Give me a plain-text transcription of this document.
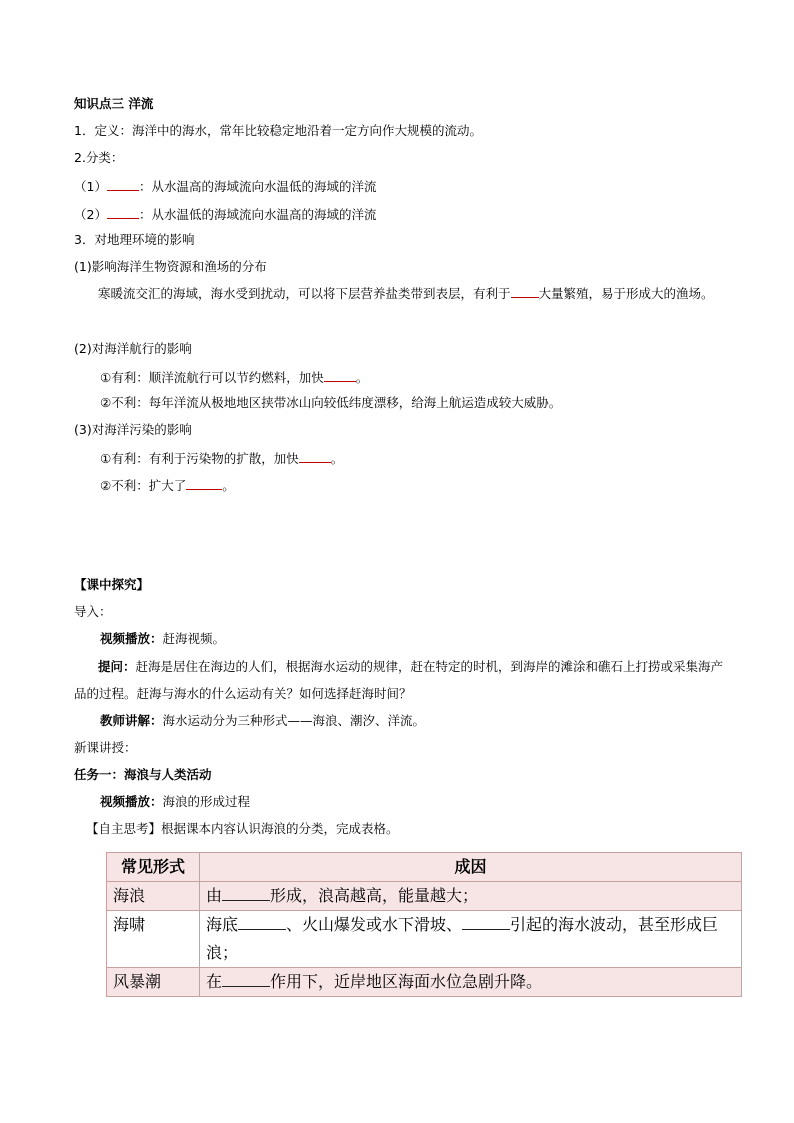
知识点三 洋流
1．定义：海洋中的海水，常年比较稳定地沿着一定方向作大规模的流动。
2.分类：
（1）	：从水温高的海域流向水温低的海域的洋流
（2）	：从水温低的海域流向水温高的海域的洋流
3．对地理环境的影响
(1)影响海洋生物资源和渔场的分布
寒暖流交汇的海域，海水受到扰动，可以将下层营养盐类带到表层，有利于 大量繁殖，易于形成大的渔场。
(2)对海洋航行的影响
①有利：顺洋流航行可以节约燃料，加快	。
②不利：每年洋流从极地地区挟带冰山向较低纬度漂移，给海上航运造成较大威胁。
(3)对海洋污染的影响
①有利：有利于污染物的扩散，加快	。
②不利：扩大了	。
【课中探究】
导入：
视频播放：赶海视频。
提问：赶海是居住在海边的人们，根据海水运动的规律，赶在特定的时机，到海岸的滩涂和礁石上打捞或采集海产品的过程。赶海与海水的什么运动有关？如何选择赶海时间？
教师讲解：海水运动分为三种形式——海浪、潮汐、洋流。
新课讲授：
任务一：海浪与人类活动
视频播放：海浪的形成过程
【自主思考】根据课本内容认识海浪的分类，完成表格。
常见形式	成因
海浪	由 形成，浪高越高，能量越大；
海啸	海底 、火山爆发或水下滑坡、 引起的海水波动，甚至形成巨浪；
风暴潮	在 作用下，近岸地区海面水位急剧升降。
